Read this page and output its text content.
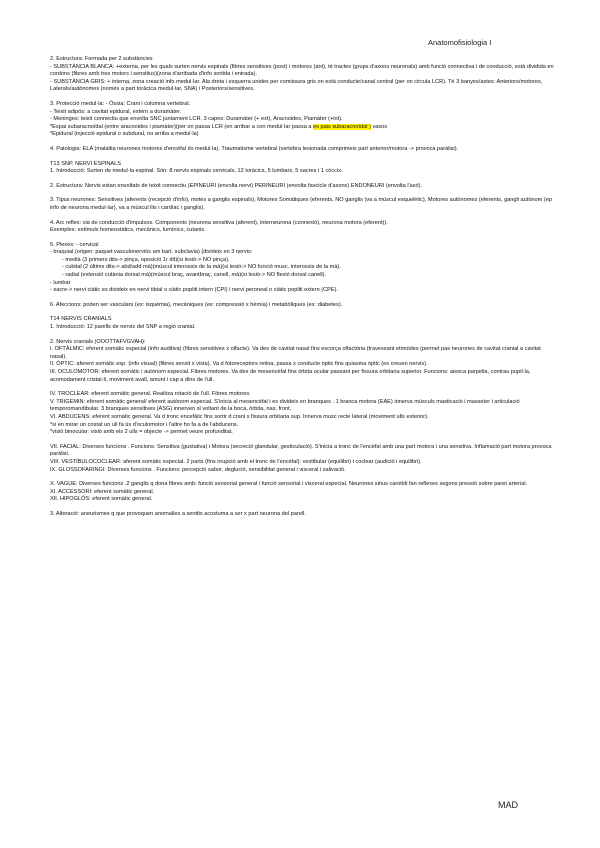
Anatomofisiologia I

2. Estructura: Formada per 2 substàncies

- SUBSTÀNCIA BLANCA: +externa, per les quals surten nervis espinals (fibres sensitives (post) i motores (ant), té tractes (grups d'axons neuronals) amb funció connectiva i de conducció, està dividida en cordons (fibres amb tres motors i sensitius)(zona d'arribada d'info sortida i entrada).

- SUBSTÀNCIA GRIS: + interna, zona creació info medul·lar. Ala dreta i esquerra unides per comissura gris on està conducte/canal central (per on circula LCR). Té 3 banyes/astes: Anteriors/motores, Laterals/autònomes (només a part toràcica medul·lar, SNA) i Posteriors/sensitives.

3. Protecció medul·la: - Òssia: Crani i columna vertebral.

- Teixit adipós: a cavitat epidural, extern a duramàter.

- Meninges: teixit connectiu que envolta SNC juntament LCR. 3 capes: Duramàter (+ ext), Aracnoides, Piamàter (+int).

*Espai subaracnoïdal (entre aracnoides i piamàter)(per on passa LCR (en arribar a con medul·lar passa a es pais subaracnoïdal ) vasos

*Epidural (injecció epidural o subdural, no arriba a medul·la)

4. Patologia: ELA (malaltia neurones motores d'encèfal i/o medul·la). Traumatisme vertebral (vertebra lesionada comprimeix part anterior/motora -> provoca paràlisi).

T13 SNP. NERVI ESPINALS

1. Introducció: Surten de medul·la espinal. Són: 8 nervis espinals cervicals, 12 toràcics, 5 lumbars, 5 sacres i 1 còccix.

2. Estructura: Nervis estan envoltats de teixit connectiu (EPINEURI (envolta nervi) PERINEURI (envolta fascicle d'axons) ENDONEURI (envolta l'axó).

3. Tipus neurones: Sensitives (aferents (recepció d'info), motes a ganglis espinals), Motores Somàtiques (eferents, NO ganglis (va a múscul esquelètic), Motores autònomes (eferents, gangli autònom (ep info de neurona medul·lar), va a múscul llis i cardíac i ganglis).

4. Arc reflex: via de conducció d'impulsos. Components (neurona sensitiva (aferent), interneurona (connexió), neurona motora (eferent)).

Exemples: estímuls homeostàtics, mecànics, lumínics, cutanis.

5. Plexes: - cervical

- braquial (origen: paquet vasculonerviós am bart. subclavia) (divideix en 3 nervis:

- medià (3 primers dits-> pinça, oposició 1r dit)(si lesió-> NO pinça).

- cubital (2 últims dits-> abd/add mà)(múscul interossis de la mà)(si lesió-> NO funció musc. interossis de la mà).

- radial (extensió cutània dorsal mà)(múscul braç, avantbraç, canell, mà)(si lesió-> NO flexió dorsal canell).

- lumbar

- sacre-> nervi ciàtic es divideix en nervi tibial o ciàtic popliti intern (CPI) i nervi peroneal o ciàtic popliti extern (CPE).

6. Afeccions: poden ser vasculars (ex: isquèmia), mecàniques (ex: compressió x hèrnia) i metabòliques (ex: diabetes).

T14 NERVIS CRANIALS

1. Introducció: 12 parells de nervis del SNP a regió cranial.

2. Nervis cranials (OOOTTAFVGVAH):

I. OFTÀLMIC: eferent somàtic especial (info auditiva) (fibres sensitives x olfacte). Va des de cavitat nasal fins escorça olfactòria (travessant etmoides (permet pas neurones de cavitat cranial a cavitat nasal).

II. ÒPTIC: aferent somàtic esp. (info visual) (fibres sensit x vista). Va d fotoreceptors retina, passa x conducte òptic fins quiasma òptic (es creuen nervis).

III. OCULOMOTOR: eferent somàtic i autònom especial. Fibres motores. Va des de mesencèfal fins òrbita ocular passant per fissura orbitaria superior. Funcions: aixeca parpella, contrau pupil·la, acomodament cristal·lí, moviment avall, amunt i cap a dins de l'ull.

IV. TROCLEAR: eferent somàtic general. Realitza rotació de l'ull. Fibres motores.

V. TRIGEMIN: eferent somàtic general/ eferent autònom especial. S'inicia al mesencèfal i es divideix en branques . 1 branca motora (EAE) innerva músculs masticació i masseter i articulació temporomandibular. 3 branques sensitives (ASG) innerven sl voltant de la boca, òrbita, nas, front.

VI. ABDUCENS: eferent somàtic general. Va d tronc encefàlic fins sortir d crani x fissura orbitaria sup. Innerva musc recte lateral (moviment ulls exterior).

*si en mirar un costat un ull fa ús d'oculomotor i l'altre ho fa a de l'abducens.

*visió binocular: visió amb els 2 ulls = objecte -> permet veure profunditat.

VII. FACIAL: Diverses funcions . Funcions: Sensitiva (gustativa) i Motora (secreció glandular, gesticulació). S'inicia a tronc de l'encèfal amb una part motora i una sensitiva. Inflamació part motora provoca paràlisi.

VIII. VESTÍBULOCOCLEAR: aferent somàtic especial. 2 parts (fins irrupció amb el tronc de l'encèfal): vestibular (equilibri) i coclear (audició i equilibri).

IX. GLOSSOFARINGI: Diverses funcions . Funcions: percepció sabor, deglució, sensibilitat general i visceral i salivació.

X. VAGUE: Diverses funcions .2 ganglis q dona fibres amb: funció sensorial general i funció sensorial i visceral especial. Neurones sinus carotidi fan reflexes segons pressió sobre paret arterial.

XI. ACCESSORI: eferent somàtic general.

XII. HIPOGLÒS: eferent somàtic general.

3. Alteració: aneurismes q que provoquen anomalies a sentits acostuma a ser x part neurona del parell.

MAD
